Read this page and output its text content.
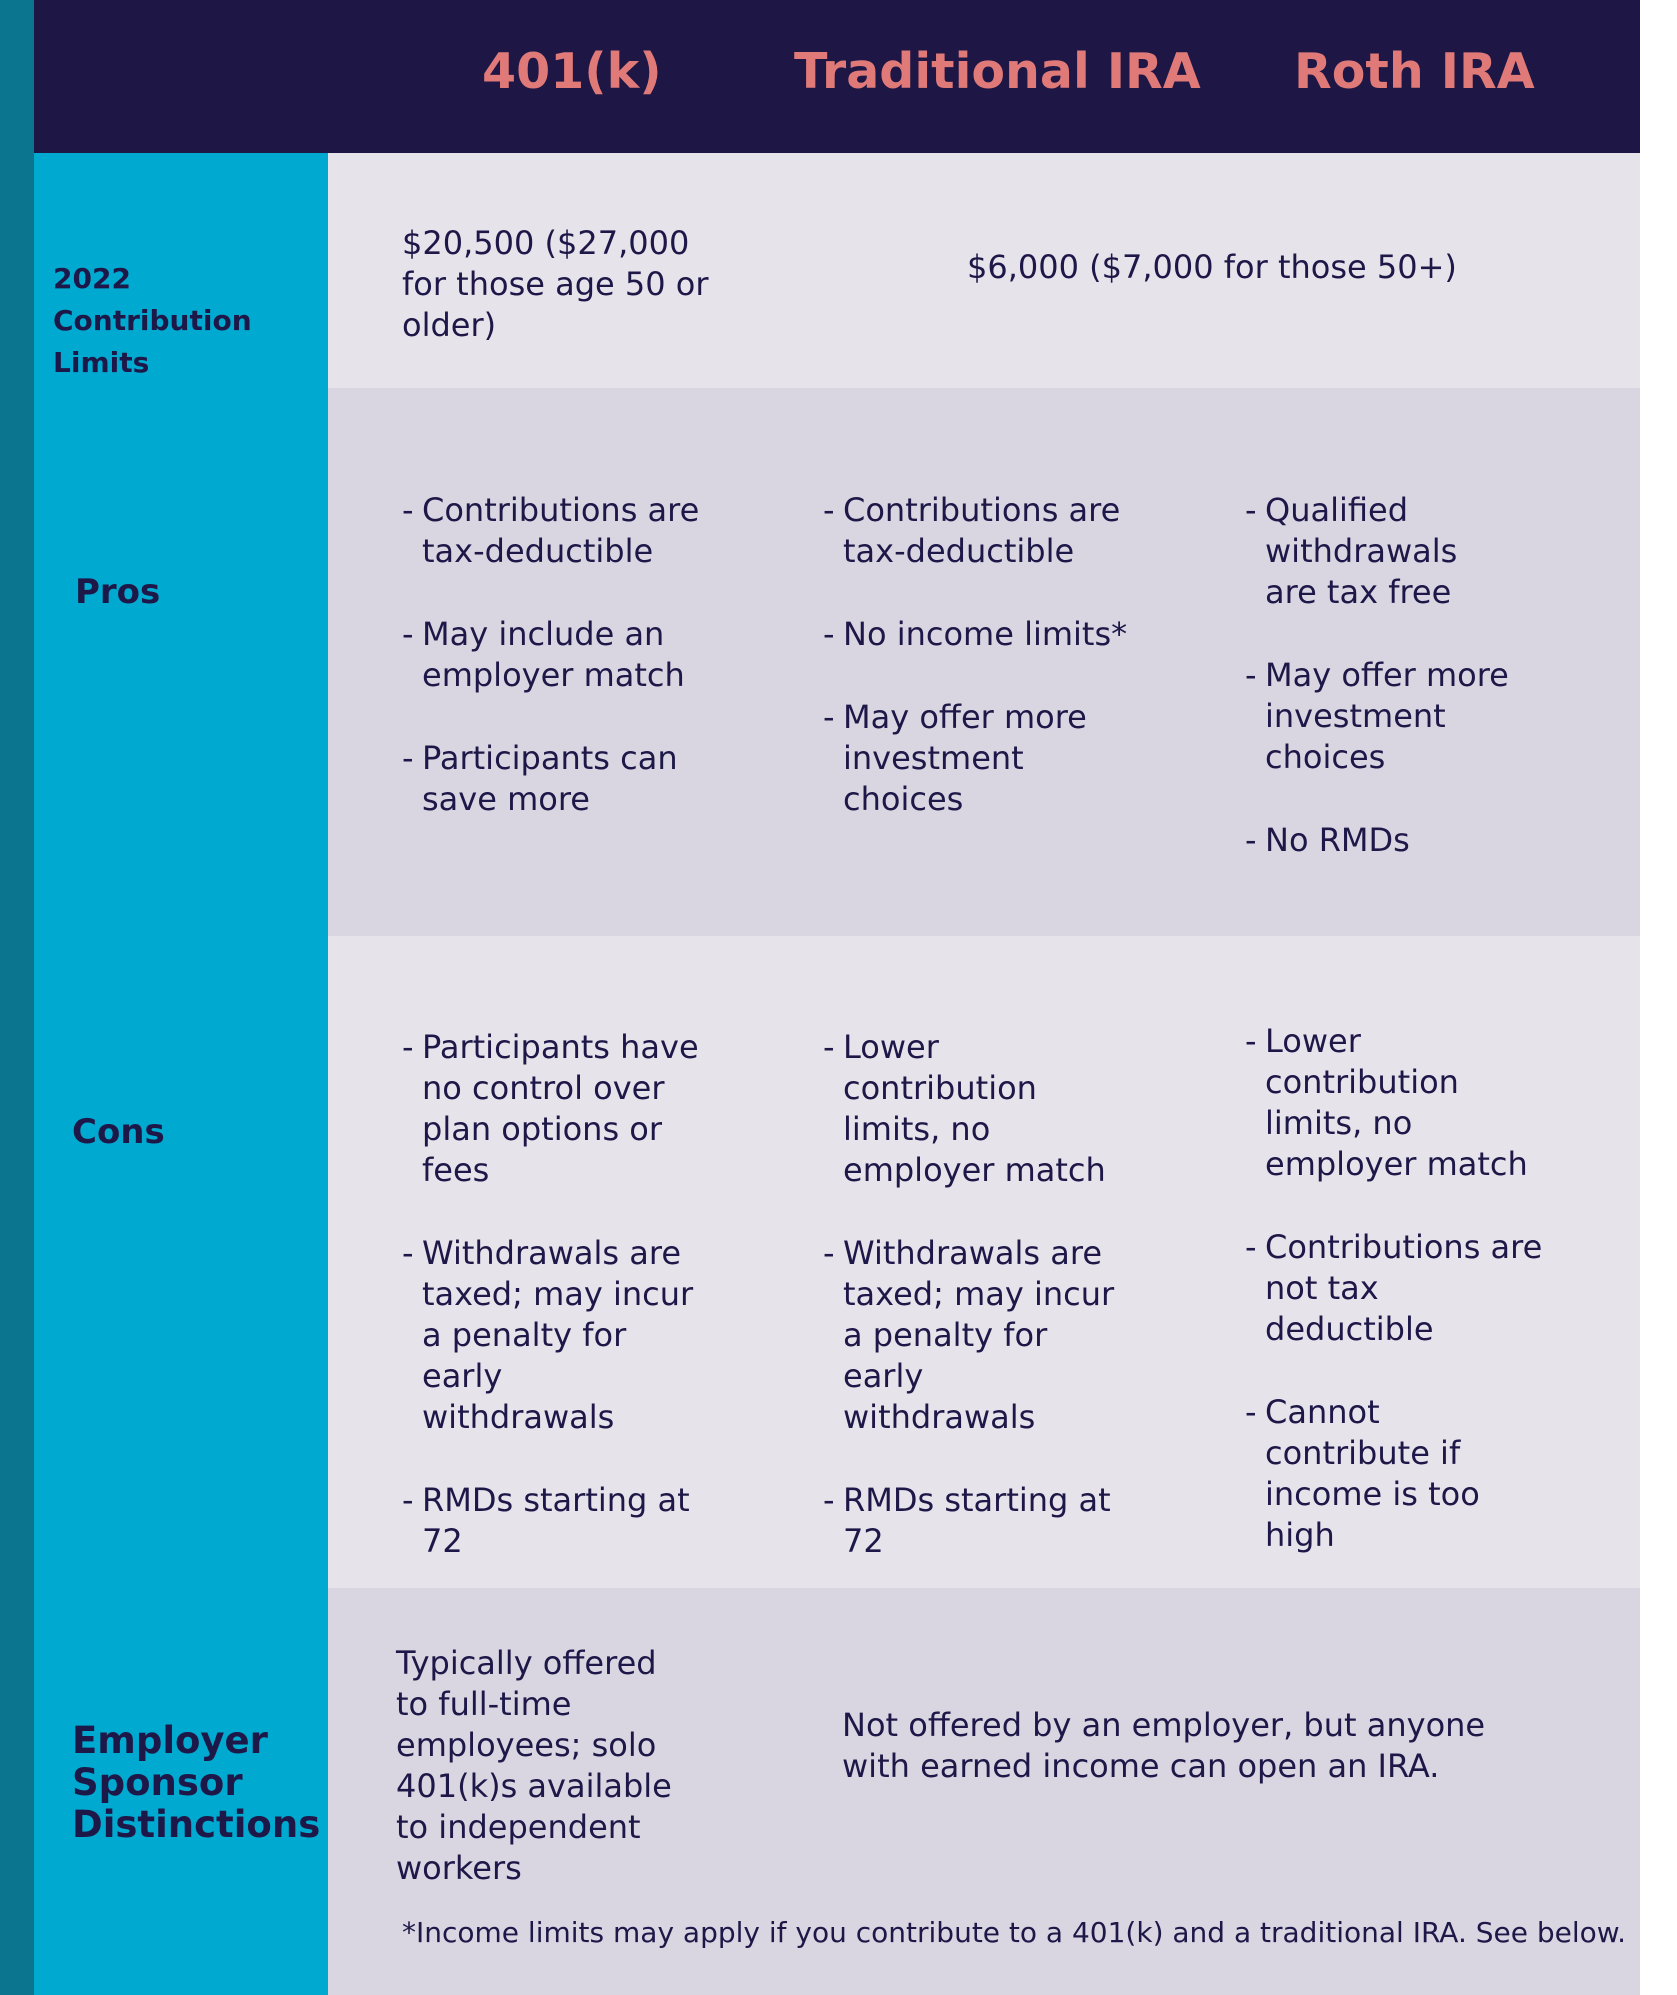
401(k)	Traditional IRA Roth IRA
2022 Contribution Limits
Pros
Cons
Employer Sponsor Distinctions
$20,500 ($27,000 for those age 50 or older)
$6,000 ($7,000 for those 50+)
- Contributions are tax-deductible
- May include an employer match
- Participants can save more
- Contributions are tax-deductible
- No income limits*
- May offer more investment choices
- Qualified withdrawals are tax free
- May offer more investment choices
- No RMDs
- Participants have no control over plan options or fees
- Withdrawals are taxed; may incur a penalty for early withdrawals
- RMDs starting at 72
- Lower contribution limits, no employer match
- Withdrawals are taxed; may incur a penalty for early withdrawals
- RMDs starting at 72
- Lower contribution limits, no employer match
- Contributions are not tax deductible
- Cannot contribute if income is too high
Typically offered to full-time employees; solo 401(k)s available to independent workers
Not offered by an employer, but anyone with earned income can open an IRA.
*Income limits may apply if you contribute to a 401(k) and a traditional IRA. See below.
